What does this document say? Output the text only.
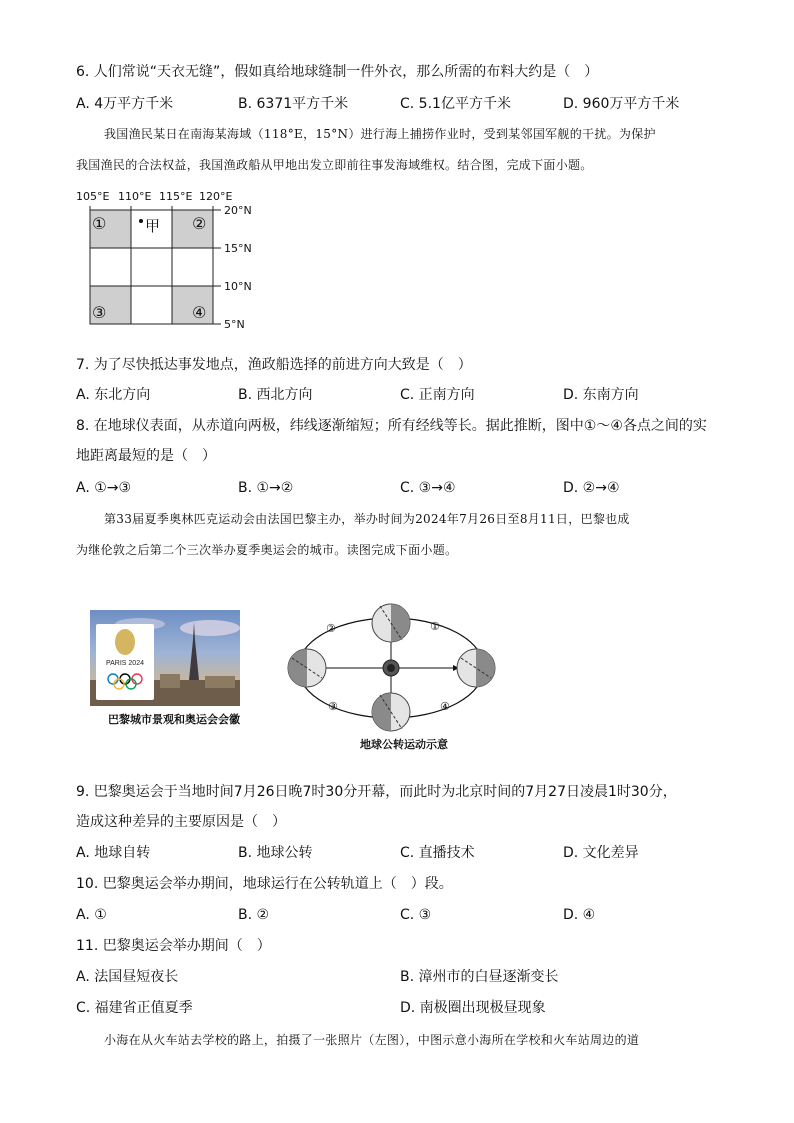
6. 人们常说“天衣无缝”，假如真给地球缝制一件外衣，那么所需的布料大约是（　）
A. 4万平方千米	B. 6371平方千米	C. 5.1亿平方千米	D. 960万平方千米
我国渔民某日在南海某海域（118°E，15°N）进行海上捕捞作业时，受到某邻国军舰的干扰。为保护
我国渔民的合法权益，我国渔政船从甲地出发立即前往事发海域维权。结合图，完成下面小题。
105°E 110°E 115°E 120°E
20°N
15°N
10°N
5°N
①	②
③	④
甲
7. 为了尽快抵达事发地点，渔政船选择的前进方向大致是（　）
A. 东北方向	B. 西北方向	C. 正南方向	D. 东南方向
8. 在地球仪表面，从赤道向两极，纬线逐渐缩短；所有经线等长。据此推断，图中①～④各点之间的实
地距离最短的是（　）
A. ①→③	B. ①→②	C. ③→④	D. ②→④
第33届夏季奥林匹克运动会由法国巴黎主办，举办时间为2024年7月26日至8月11日，巴黎也成
为继伦敦之后第二个三次举办夏季奥运会的城市。读图完成下面小题。
PARIS 2024
巴黎城市景观和奥运会会徽
②	①
③	④
地球公转运动示意
9. 巴黎奥运会于当地时间7月26日晚7时30分开幕，而此时为北京时间的7月27日凌晨1时30分，
造成这种差异的主要原因是（　）
A. 地球自转	B. 地球公转	C. 直播技术	D. 文化差异
10. 巴黎奥运会举办期间，地球运行在公转轨道上（　）段。
A. ①	B. ②	C. ③	D. ④
11. 巴黎奥运会举办期间（　）
A. 法国昼短夜长	B. 漳州市的白昼逐渐变长
C. 福建省正值夏季	D. 南极圈出现极昼现象
小海在从火车站去学校的路上，拍摄了一张照片（左图），中图示意小海所在学校和火车站周边的道
